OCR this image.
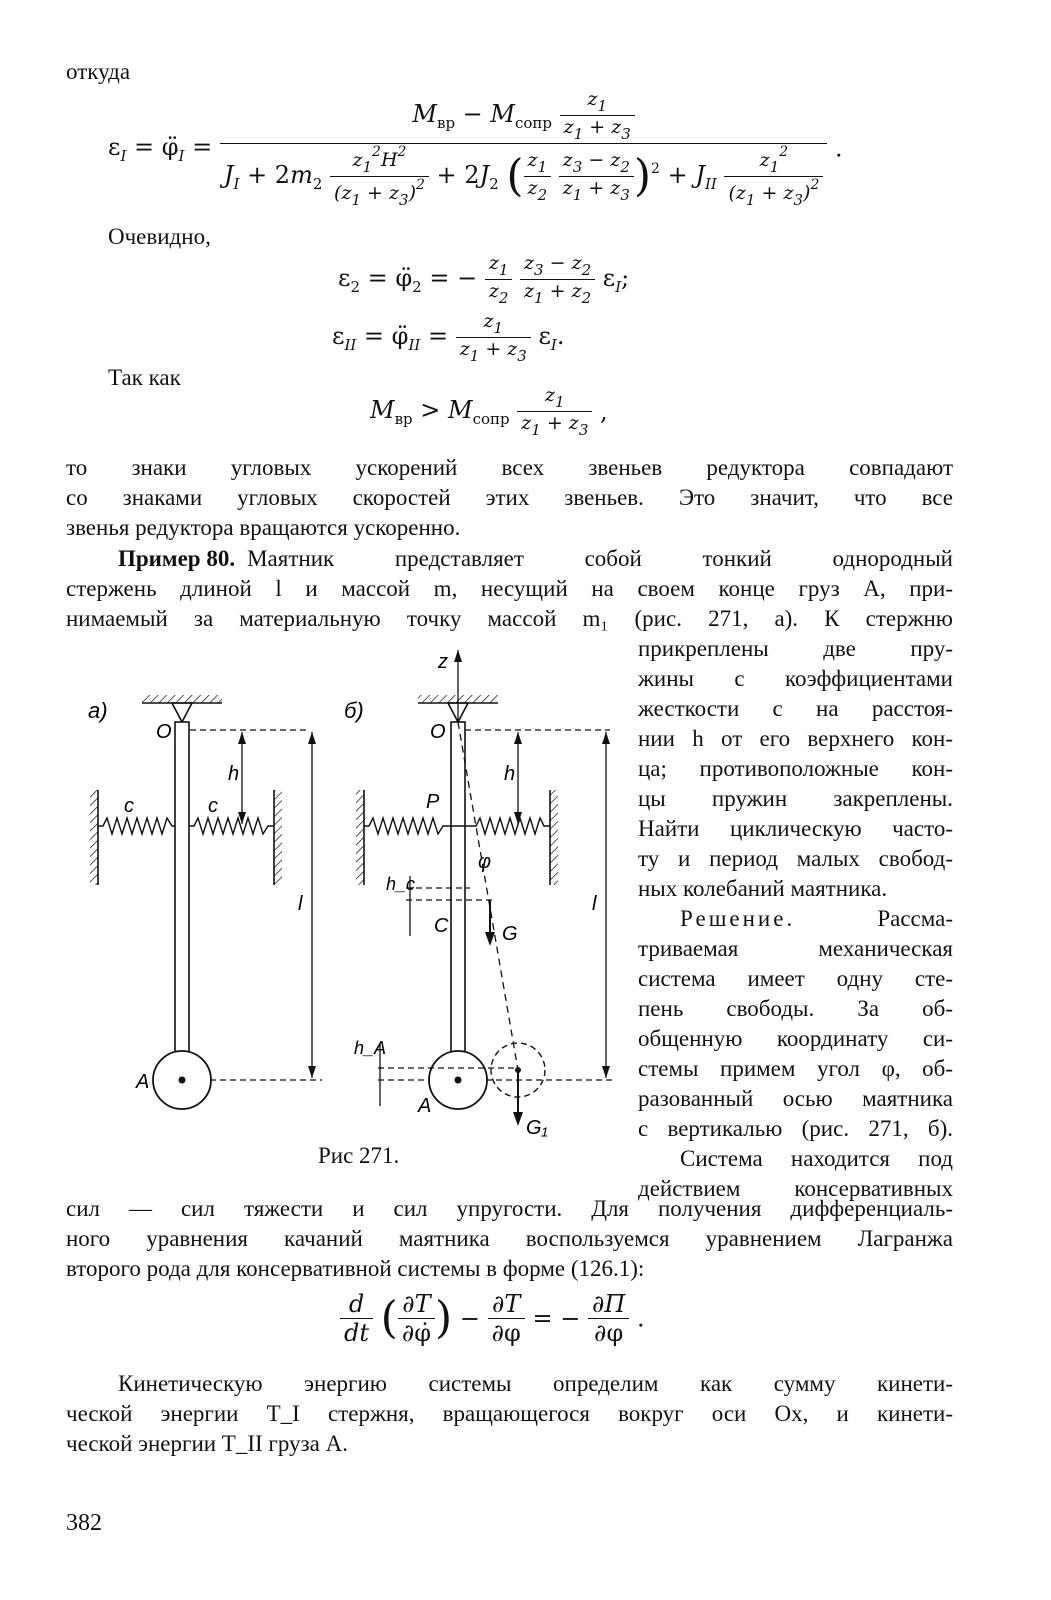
откуда
$\varepsilon_I$ = $\varphï_I$ =
$M_{вр} - M_{сопр} \frac{z_1}{z_1 + z_3}$
$J_I + 2m_2 \frac{z_1^2H^2}{(z_1 + z_3)^2} + 2J_2$ ( $\frac{z_1}{z_2}$
$\frac{z_3 - z_2}{z_1 + z_3} )^2 + J_{II} \frac{z_1^2}{(z_1 + z_3)^2}$ .
Очевидно,
$\varepsilon_2$ = $\varphï_2$ = − $\frac{z_1}{z_2}$
$\frac{z_3 - z_2}{z_1 + z_2} \varepsilon_I$;
$\varepsilon_{II}$ = $\varphï_{II} = \frac{z_1}{z_1 + z_3} \varepsilon_I$.
Так как
$M_{вр} > M_{сопр} \frac{z_1}{z_1 + z_3}$ ,
то знаки угловых ускорений всех звеньев редуктора совпадают
со знаками угловых скоростей этих звеньев. Это значит, что все
звенья редуктора вращаются ускоренно.
Пример 80. Маятник представляет собой тонкий однородный
стержень длиной l и массой m, несущий на своем конце груз A, при-
нимаемый за материальную точку массой m₁ (рис. 271, а). К стержню
прикреплены две пру-
жины с коэффициентами
жесткости с на расстоя-
нии h от его верхнего кон-
ца; противоположные кон-
цы пружин закреплены.
Найти циклическую часто-
ту и период малых свобод-
ных колебаний маятника.
Решение.	Рассма-
триваемая механическая
система имеет одну сте-
пень свободы. За об-
общенную координату си-
стемы примем угол φ, об-
разованный осью маятника
с вертикалью (рис. 271, б).
Система находится под
действием консервативных
а)
O
A
c	c
h
l
б)
z
O
A
P
φ
h_c
C	G
h
l
h_A
G₁
Рис 271.
сил — сил тяжести и сил упругости. Для получения дифференциаль-
ного уравнения качаний маятника воспользуемся уравнением Лагранжа
второго рода для консервативной системы в форме (126.1):
$\frac{d}{dt}$ ( $\frac{\partial T}{\partial\varphi̇}$ ) − $\frac{\partial T}{\partial\varphi}$ = − $\frac{\partial\Pi}{\partial\varphi}$ .
Кинетическую энергию системы определим как сумму кинети-
ческой энергии T_I стержня, вращающегося вокруг оси Ox, и кинети-
ческой энергии T_II груза A.
382
